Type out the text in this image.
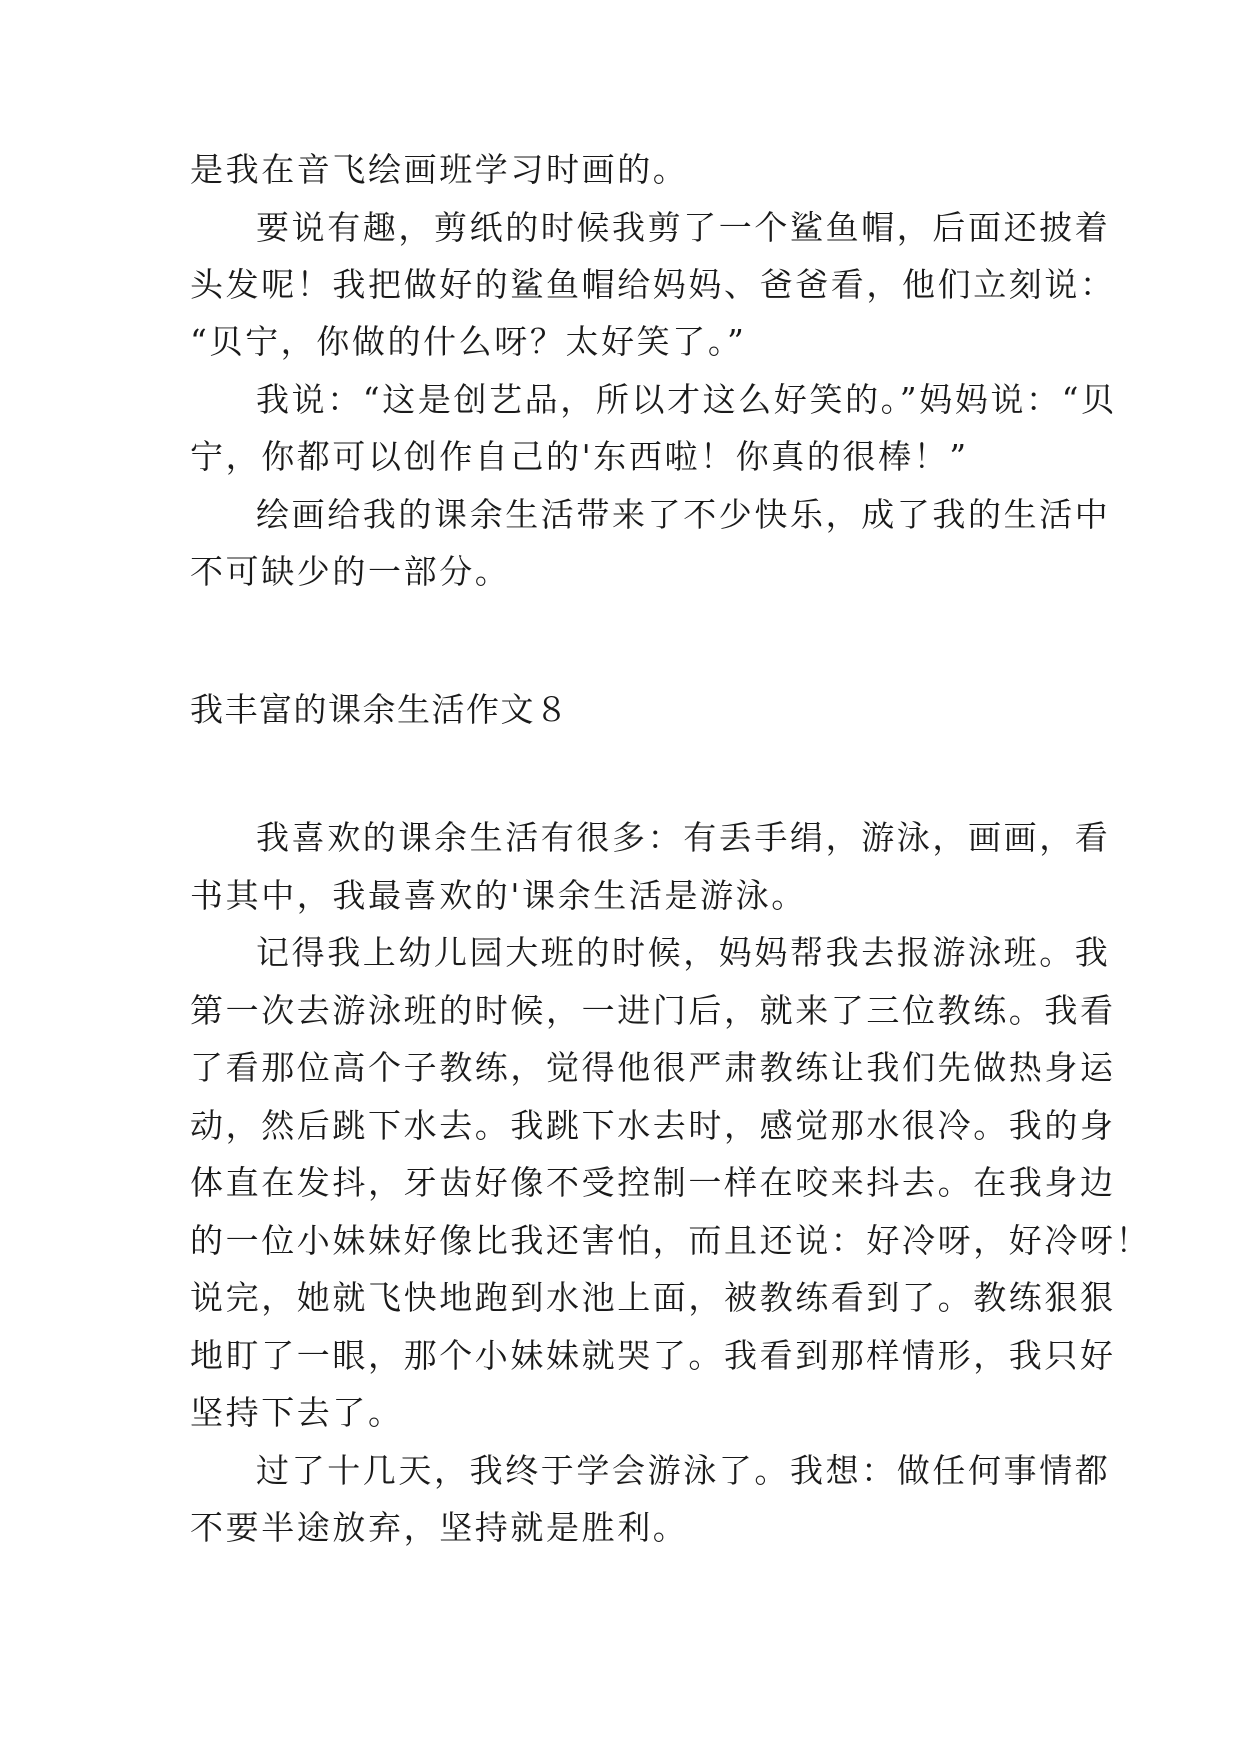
是我在音飞绘画班学习时画的。
要说有趣，剪纸的时候我剪了一个鲨鱼帽，后面还披着
头发呢！我把做好的鲨鱼帽给妈妈、爸爸看，他们立刻说：
“贝宁，你做的什么呀？太好笑了。”
我说：“这是创艺品，所以才这么好笑的。”妈妈说：“贝
宁，你都可以创作自己的'东西啦！你真的很棒！”
绘画给我的课余生活带来了不少快乐，成了我的生活中
不可缺少的一部分。
我丰富的课余生活作文８
我喜欢的课余生活有很多：有丢手绢，游泳，画画，看
书其中，我最喜欢的'课余生活是游泳。
记得我上幼儿园大班的时候，妈妈帮我去报游泳班。我
第一次去游泳班的时候，一进门后，就来了三位教练。我看
了看那位高个子教练，觉得他很严肃教练让我们先做热身运
动，然后跳下水去。我跳下水去时，感觉那水很冷。我的身
体直在发抖，牙齿好像不受控制一样在咬来抖去。在我身边
的一位小妹妹好像比我还害怕，而且还说：好冷呀，好冷呀！
说完，她就飞快地跑到水池上面，被教练看到了。教练狠狠
地盯了一眼，那个小妹妹就哭了。我看到那样情形，我只好
坚持下去了。
过了十几天，我终于学会游泳了。我想：做任何事情都
不要半途放弃，坚持就是胜利。
